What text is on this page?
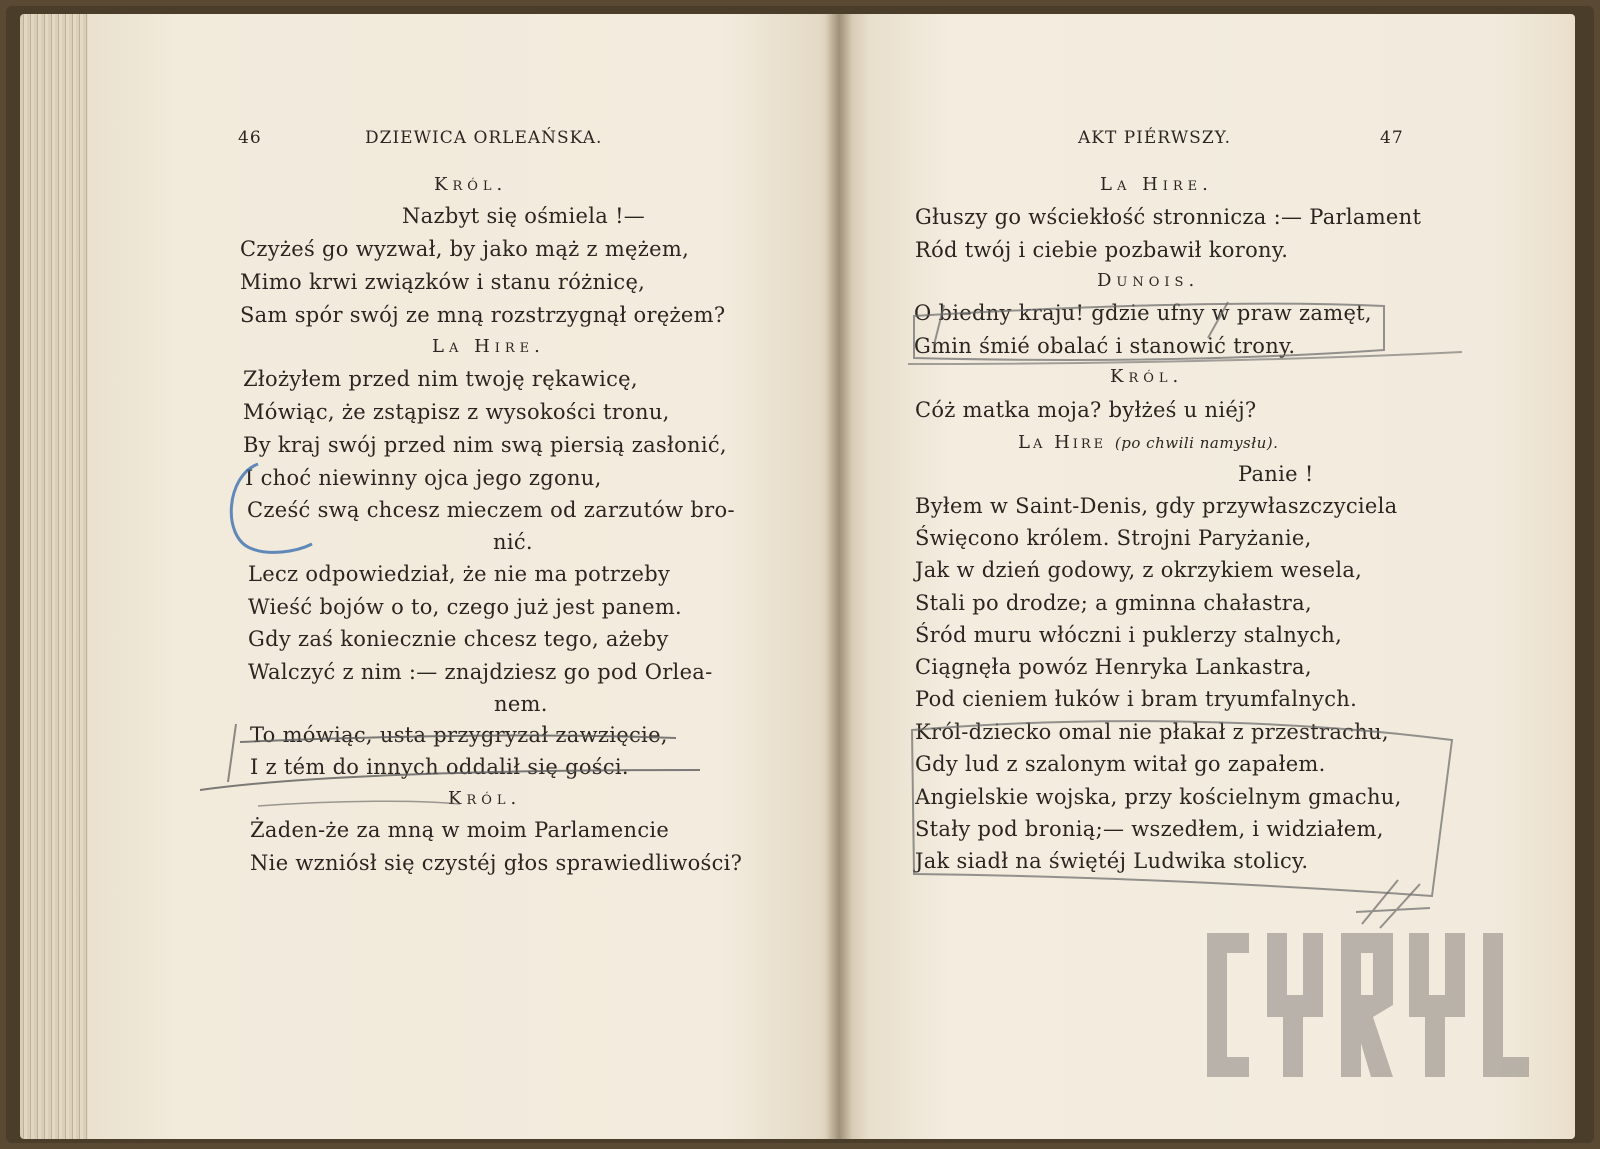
46	DZIEWICA ORLEAŃSKA.	AKT PIÉRWSZY.	47
Król.
Nazbyt się ośmiela !—
Czyżeś go wyzwał, by jako mąż z mężem,
Mimo krwi związków i stanu różnicę,
Sam spór swój ze mną rozstrzygnął orężem?
La Hire.
Złożyłem przed nim twoję rękawicę,
Mówiąc, że zstąpisz z wysokości tronu,
By kraj swój przed nim swą piersią zasłonić,
I choć niewinny ojca jego zgonu,
Cześć swą chcesz mieczem od zarzutów bro-
nić.
Lecz odpowiedział, że nie ma potrzeby
Wieść bojów o to, czego już jest panem.
Gdy zaś koniecznie chcesz tego, ażeby
Walczyć z nim :— znajdziesz go pod Orlea-
nem.
To mówiąc, usta przygryzał zawzięcie,
I z tém do innych oddalił się gości.
Król.
Żaden-że za mną w moim Parlamencie
Nie wzniósł się czystéj głos sprawiedliwości?
La Hire.
Głuszy go wściekłość stronnicza :— Parlament
Ród twój i ciebie pozbawił korony.
Dunois.
O biedny kraju! gdzie ufny w praw zamęt,
Gmin śmié obalać i stanowić trony.
Król.
Cóż matka moja? byłżeś u niéj?
La Hire (po chwili namysłu).
Panie !
Byłem w Saint-Denis, gdy przywłaszczyciela
Święcono królem. Strojni Paryżanie,
Jak w dzień godowy, z okrzykiem wesela,
Stali po drodze; a gminna chałastra,
Śród muru włóczni i puklerzy stalnych,
Ciągnęła powóz Henryka Lankastra,
Pod cieniem łuków i bram tryumfalnych.
Król-dziecko omal nie płakał z przestrachu,
Gdy lud z szalonym witał go zapałem.
Angielskie wojska, przy kościelnym gmachu,
Stały pod bronią;— wszedłem, i widziałem,
Jak siadł na świętéj Ludwika stolicy.
